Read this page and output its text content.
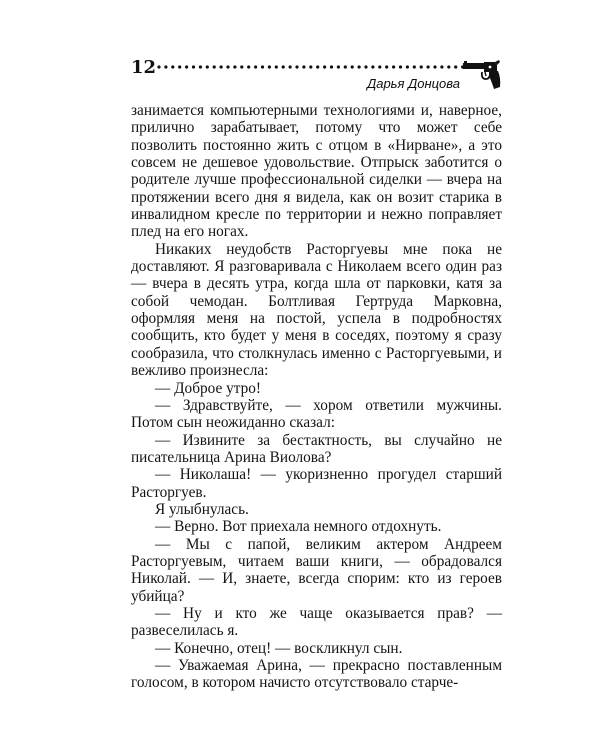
12
Дарья Донцова

занимается компьютерными технологиями и, наверное, прилично зарабатывает, потому что может себе позволить постоянно жить с отцом в «Нирване», а это совсем не дешевое удовольствие. Отпрыск заботится о родителе лучше профессиональной сиделки — вчера на протяжении всего дня я видела, как он возит старика в инвалидном кресле по территории и нежно поправляет плед на его ногах.

Никаких неудобств Расторгуевы мне пока не доставляют. Я разговаривала с Николаем всего один раз — вчера в десять утра, когда шла от парковки, катя за собой чемодан. Болтливая Гертруда Марковна, оформляя меня на постой, успела в подробностях сообщить, кто будет у меня в соседях, поэтому я сразу сообразила, что столкнулась именно с Расторгуевыми, и вежливо произнесла:

— Доброе утро!

— Здравствуйте, — хором ответили мужчины. Потом сын неожиданно сказал:

— Извините за бестактность, вы случайно не писательница Арина Виолова?

— Николаша! — укоризненно прогудел старший Расторгуев.

Я улыбнулась.

— Верно. Вот приехала немного отдохнуть.

— Мы с папой, великим актером Андреем Расторгуевым, читаем ваши книги, — обрадовался Николай. — И, знаете, всегда спорим: кто из героев убийца?

— Ну и кто же чаще оказывается прав? — развеселилась я.

— Конечно, отец! — воскликнул сын.

— Уважаемая Арина, — прекрасно поставленным голосом, в котором начисто отсутствовало старче-
